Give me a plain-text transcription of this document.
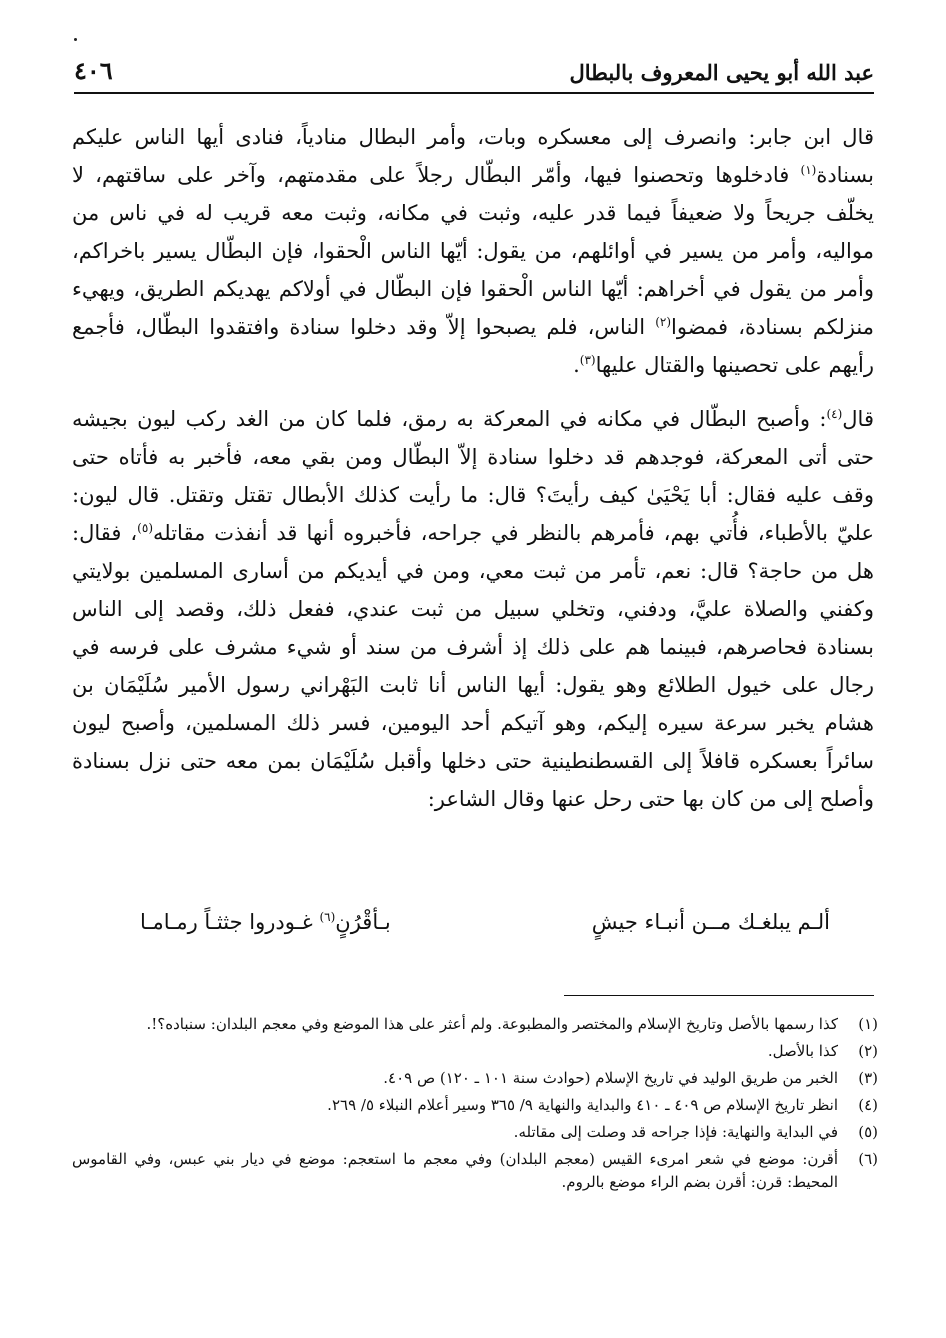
عبد الله أبو يحيى المعروف بالبطال
٤٠٦

قال ابن جابر: وانصرف إلى معسكره وبات، وأمر البطال منادياً، فنادى أيها الناس عليكم بسنادة$^{(١)}$ فادخلوها وتحصنوا فيها، وأمّر البطّال رجلاً على مقدمتهم، وآخر على ساقتهم، لا يخلّف جريحاً ولا ضعيفاً فيما قدر عليه، وثبت في مكانه، وثبت معه قريب له في ناس من مواليه، وأمر من يسير في أوائلهم، من يقول: أيّها الناس الْحقوا، فإن البطّال يسير باخراكم، وأمر من يقول في أخراهم: أيّها الناس الْحقوا فإن البطّال في أولاكم يهديكم الطريق، ويهيء منزلكم بسنادة، فمضوا$^{(٢)}$ الناس، فلم يصبحوا إلاّ وقد دخلوا سنادة وافتقدوا البطّال، فأجمع رأيهم على تحصينها والقتال عليها$^{(٣)}$.

قال$^{(٤)}$: وأصبح البطّال في مكانه في المعركة به رمق، فلما كان من الغد ركب ليون بجيشه حتى أتى المعركة، فوجدهم قد دخلوا سنادة إلاّ البطّال ومن بقي معه، فأخبر به فأتاه حتى وقف عليه فقال: أبا يَحْيَىٰ كيف رأيتَ؟ قال: ما رأيت كذلك الأبطال تقتل وتقتل. قال ليون: عليّ بالأطباء، فأُتي بهم، فأمرهم بالنظر في جراحه، فأخبروه أنها قد أنفذت مقاتله$^{(٥)}$، فقال: هل من حاجة؟ قال: نعم، تأمر من ثبت معي، ومن في أيديكم من أسارى المسلمين بولايتي وكفني والصلاة عليَّ، ودفني، وتخلي سبيل من ثبت عندي، ففعل ذلك، وقصد إلى الناس بسنادة فحاصرهم، فبينما هم على ذلك إذ أشرف من سند أو شيء مشرف على فرسه في رجال على خيول الطلائع وهو يقول: أيها الناس أنا ثابت البَهْراني رسول الأمير سُلَيْمَان بن هشام يخبر سرعة سيره إليكم، وهو آتيكم أحد اليومين، فسر ذلك المسلمين، وأصبح ليون سائراً بعسكره قافلاً إلى القسطنطينية حتى دخلها وأقبل سُلَيْمَان بمن معه حتى نزل بسنادة وأصلح إلى من كان بها حتى رحل عنها وقال الشاعر:

ألـم يبلغـك مــن أنبـاء جيشٍ
بـأقْرُنٍ$^{(٦)}$ غـودروا جثثـاً رمـامـا
(١)
كذا رسمها بالأصل وتاريخ الإسلام والمختصر والمطبوعة. ولم أعثر على هذا الموضع وفي معجم البلدان: سنباده؟!.
(٢)
كذا بالأصل.
(٣)
الخبر من طريق الوليد في تاريخ الإسلام (حوادث سنة ١٠١ ـ ١٢٠) ص ٤٠٩.
(٤)
انظر تاريخ الإسلام ص ٤٠٩ ـ ٤١٠ والبداية والنهاية ٩/ ٣٦٥ وسير أعلام النبلاء ٥/ ٢٦٩.
(٥)
في البداية والنهاية: فإذا جراحه قد وصلت إلى مقاتله.
(٦)
أقرن: موضع في شعر امرىء القيس (معجم البلدان) وفي معجم ما استعجم: موضع في ديار بني عبس، وفي القاموس المحيط: قرن: أقرن بضم الراء موضع بالروم.
